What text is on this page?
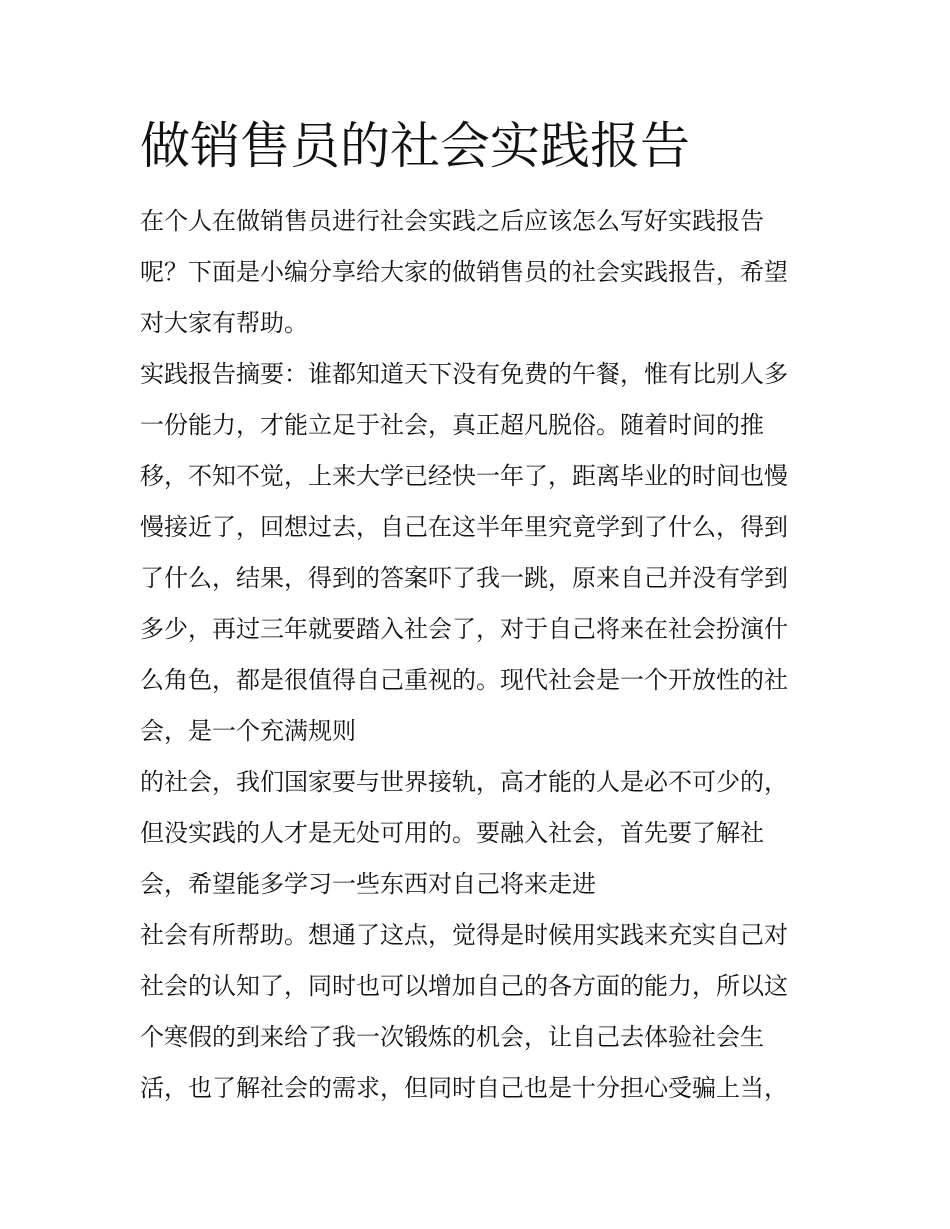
做销售员的社会实践报告
在个人在做销售员进行社会实践之后应该怎么写好实践报告
呢？下面是小编分享给大家的做销售员的社会实践报告，希望
对大家有帮助。
实践报告摘要：谁都知道天下没有免费的午餐，惟有比别人多
一份能力，才能立足于社会，真正超凡脱俗。随着时间的推
移，不知不觉，上来大学已经快一年了，距离毕业的时间也慢
慢接近了，回想过去，自己在这半年里究竟学到了什么，得到
了什么，结果，得到的答案吓了我一跳，原来自己并没有学到
多少，再过三年就要踏入社会了，对于自己将来在社会扮演什
么角色，都是很值得自己重视的。现代社会是一个开放性的社
会，是一个充满规则
的社会，我们国家要与世界接轨，高才能的人是必不可少的，
但没实践的人才是无处可用的。要融入社会，首先要了解社
会，希望能多学习一些东西对自己将来走进
社会有所帮助。想通了这点，觉得是时候用实践来充实自己对
社会的认知了，同时也可以增加自己的各方面的能力，所以这
个寒假的到来给了我一次锻炼的机会，让自己去体验社会生
活，也了解社会的需求，但同时自己也是十分担心受骗上当，
